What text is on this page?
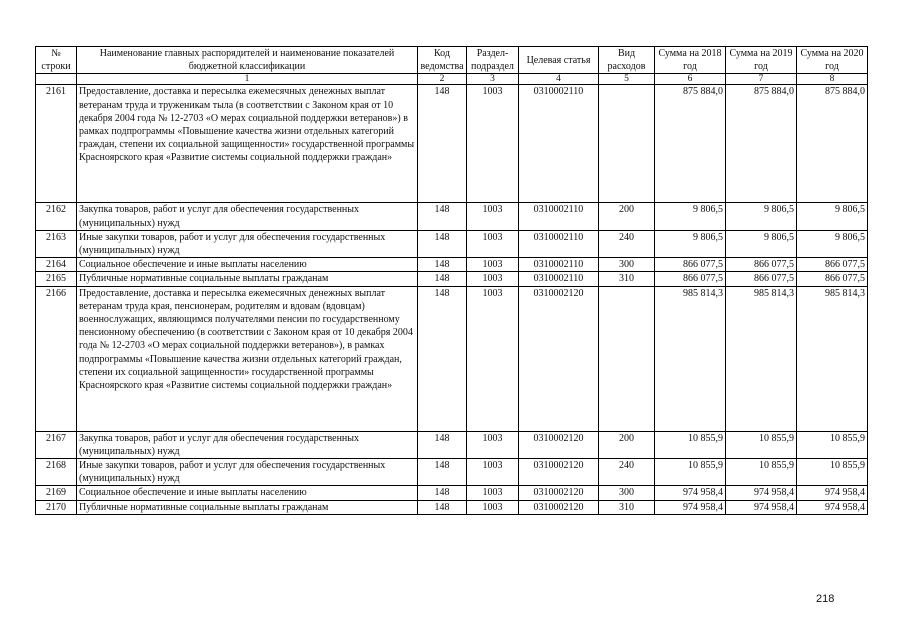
№ строки	Наименование главных распорядителей и наименование показателей бюджетной классификации	Код ведомства	Раздел-подраздел	Целевая статья	Вид расходов	Сумма на 2018 год	Сумма на 2019 год	Сумма на 2020 год
	1	2	3	4	5	6	7	8
2161	Предоставление, доставка и пересылка ежемесячных денежных выплат ветеранам труда и труженикам тыла (в соответствии с Законом края от 10 декабря 2004 года № 12-2703 «О мерах социальной поддержки ветеранов») в рамках подпрограммы «Повышение качества жизни отдельных категорий граждан, степени их социальной защищенности» государственной программы Красноярского края «Развитие системы социальной поддержки граждан»	148	1003	0310002110		875 884,0	875 884,0	875 884,0
2162	Закупка товаров, работ и услуг для обеспечения государственных (муниципальных) нужд	148	1003	0310002110	200	9 806,5	9 806,5	9 806,5
2163	Иные закупки товаров, работ и услуг для обеспечения государственных (муниципальных) нужд	148	1003	0310002110	240	9 806,5	9 806,5	9 806,5
2164	Социальное обеспечение и иные выплаты населению	148	1003	0310002110	300	866 077,5	866 077,5	866 077,5
2165	Публичные нормативные социальные выплаты гражданам	148	1003	0310002110	310	866 077,5	866 077,5	866 077,5
2166	Предоставление, доставка и пересылка ежемесячных денежных выплат ветеранам труда края, пенсионерам, родителям и вдовам (вдовцам) военнослужащих, являющимся получателями пенсии по государственному пенсионному обеспечению (в соответствии с Законом края от 10 декабря 2004 года № 12-2703 «О мерах социальной поддержки ветеранов»), в рамках подпрограммы «Повышение качества жизни отдельных категорий граждан, степени их социальной защищенности» государственной программы Красноярского края «Развитие системы социальной поддержки граждан»	148	1003	0310002120		985 814,3	985 814,3	985 814,3
2167	Закупка товаров, работ и услуг для обеспечения государственных (муниципальных) нужд	148	1003	0310002120	200	10 855,9	10 855,9	10 855,9
2168	Иные закупки товаров, работ и услуг для обеспечения государственных (муниципальных) нужд	148	1003	0310002120	240	10 855,9	10 855,9	10 855,9
2169	Социальное обеспечение и иные выплаты населению	148	1003	0310002120	300	974 958,4	974 958,4	974 958,4
2170	Публичные нормативные социальные выплаты гражданам	148	1003	0310002120	310	974 958,4	974 958,4	974 958,4
218
